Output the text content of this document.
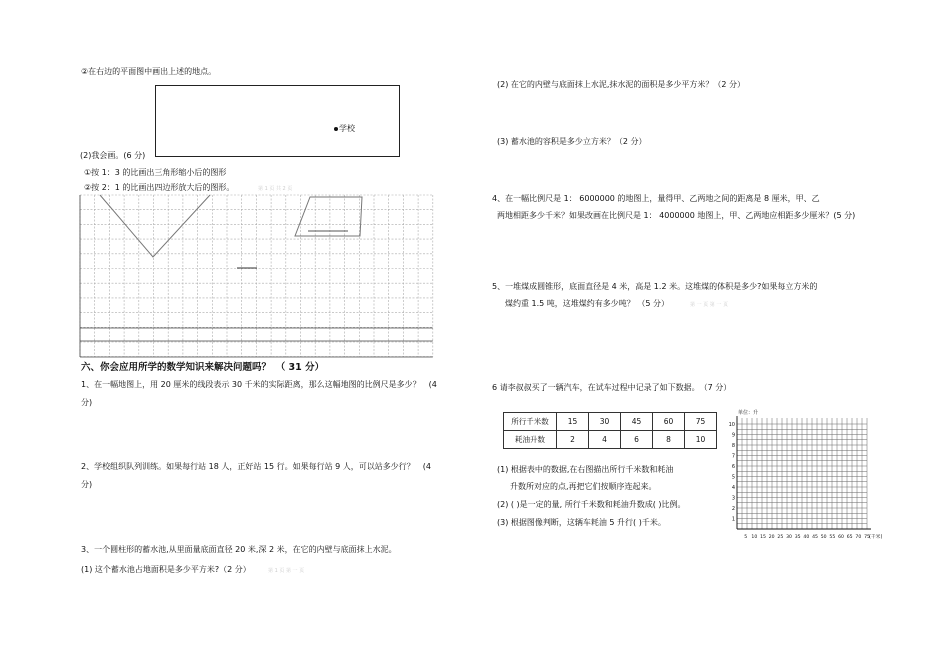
②在右边的平面图中画出上述的地点。
学校
(2)我会画。(6 分)
①按 1：3 的比画出三角形缩小后的图形
②按 2：1 的比画出四边形放大后的图形。	第 1 页 共 2 页
六、你会应用所学的数学知识来解决问题吗？　（ 31 分）
1、在一幅地图上，用 20 厘米的线段表示 30 千米的实际距离，那么这幅地图的比例尺是多少？　(4
分)
2、学校组织队列训练。如果每行站 18 人，正好站 15 行。如果每行站 9 人，可以站多少行？　(4
分)
3、一个圆柱形的蓄水池,从里面量底面直径 20 米,深 2 米，在它的内壁与底面抹上水泥。
(1) 这个蓄水池占地面积是多少平方米?（2 分）	第 1 页 第 一 页
(2) 在它的内壁与底面抹上水泥,抹水泥的面积是多少平方米？（2 分）
(3) 蓄水池的容积是多少立方米？（2 分）
4、在一幅比例尺是 1： 6000000 的地图上，量得甲、乙两地之间的距离是 8 厘米，甲、乙
两地相距多少千米？如果改画在比例尺是 1： 4000000 地图上，甲、乙两地应相距多少厘米？(5 分)
5、一堆煤成圆锥形，底面直径是 4 米，高是 1.2 米。这堆煤的体积是多少?如果每立方米的
煤约重 1.5 吨，这堆煤约有多少吨？ （5 分）	第 一 页 第 一 页
6 请李叔叔买了一辆汽车，在试车过程中记录了如下数据。　（7 分）
所行千米数	15	30	45	60	75
耗油升数	2	4	6	8	10
(1) 根据表中的数据,在右图描出所行千米数和耗油
升数所对应的点,再把它们按顺序连起来。
(2) ( )是一定的量, 所行千米数和耗油升数成( )比例。
(3) 根据图像判断，这辆车耗油 5 升行( )千米。	1
2
3
4
5
6
7
8
9
10
5 10 15 20 25 30 35 40 45 50 55 60 65 70 75 (千米)
单位：升
